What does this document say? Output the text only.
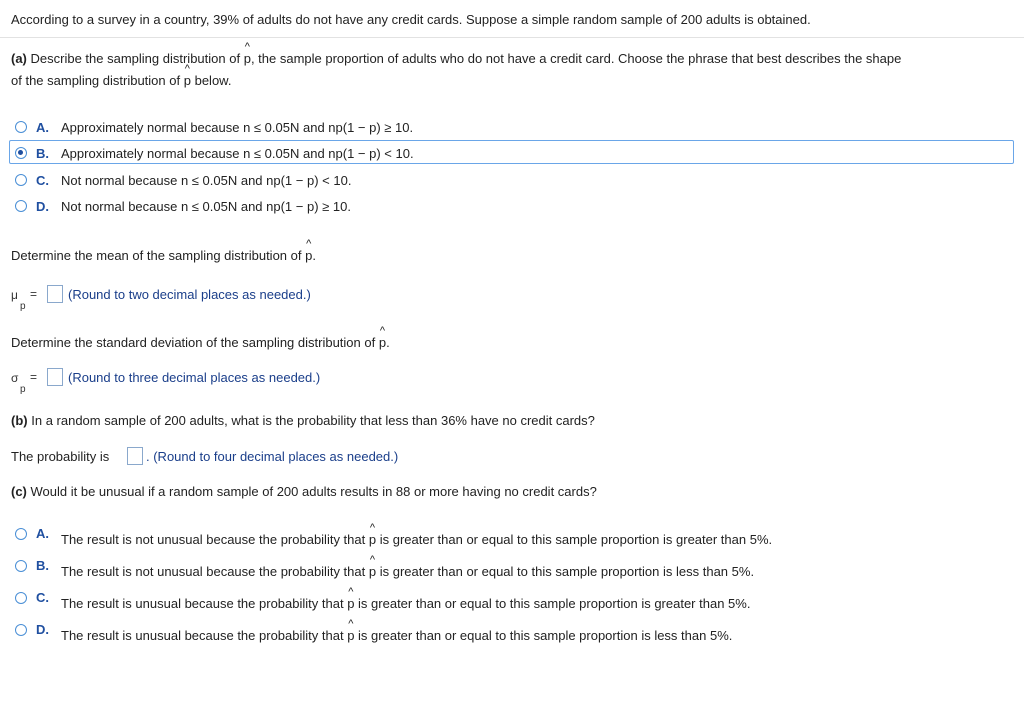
According to a survey in a country, 39% of adults do not have any credit cards. Suppose a simple random sample of 200 adults is obtained.
(a) Describe the sampling distribution of ^ p, the sample proportion of adults who do not have a credit card. Choose the phrase that best describes the shape
of the sampling distribution of ^ p below.
A. Approximately normal because n ≤ 0.05N and np(1 − p) ≥ 10.
B. Approximately normal because n ≤ 0.05N and np(1 − p) < 10.
C. Not normal because n ≤ 0.05N and np(1 − p) < 10.
D. Not normal because n ≤ 0.05N and np(1 − p) ≥ 10.
Determine the mean of the sampling distribution of ^ p.
μ
p
= (Round to two decimal places as needed.)
Determine the standard deviation of the sampling distribution of ^ p.
σ
p
= (Round to three decimal places as needed.)
(b) In a random sample of 200 adults, what is the probability that less than 36% have no credit cards?
The probability is	. (Round to four decimal places as needed.)
(c) Would it be unusual if a random sample of 200 adults results in 88 or more having no credit cards?
A. The result is not unusual because the probability that ^ p is greater than or equal to this sample proportion is greater than 5%.
B. The result is not unusual because the probability that ^ p is greater than or equal to this sample proportion is less than 5%.
C. The result is unusual because the probability that ^ p is greater than or equal to this sample proportion is greater than 5%.
D. The result is unusual because the probability that ^ p is greater than or equal to this sample proportion is less than 5%.
